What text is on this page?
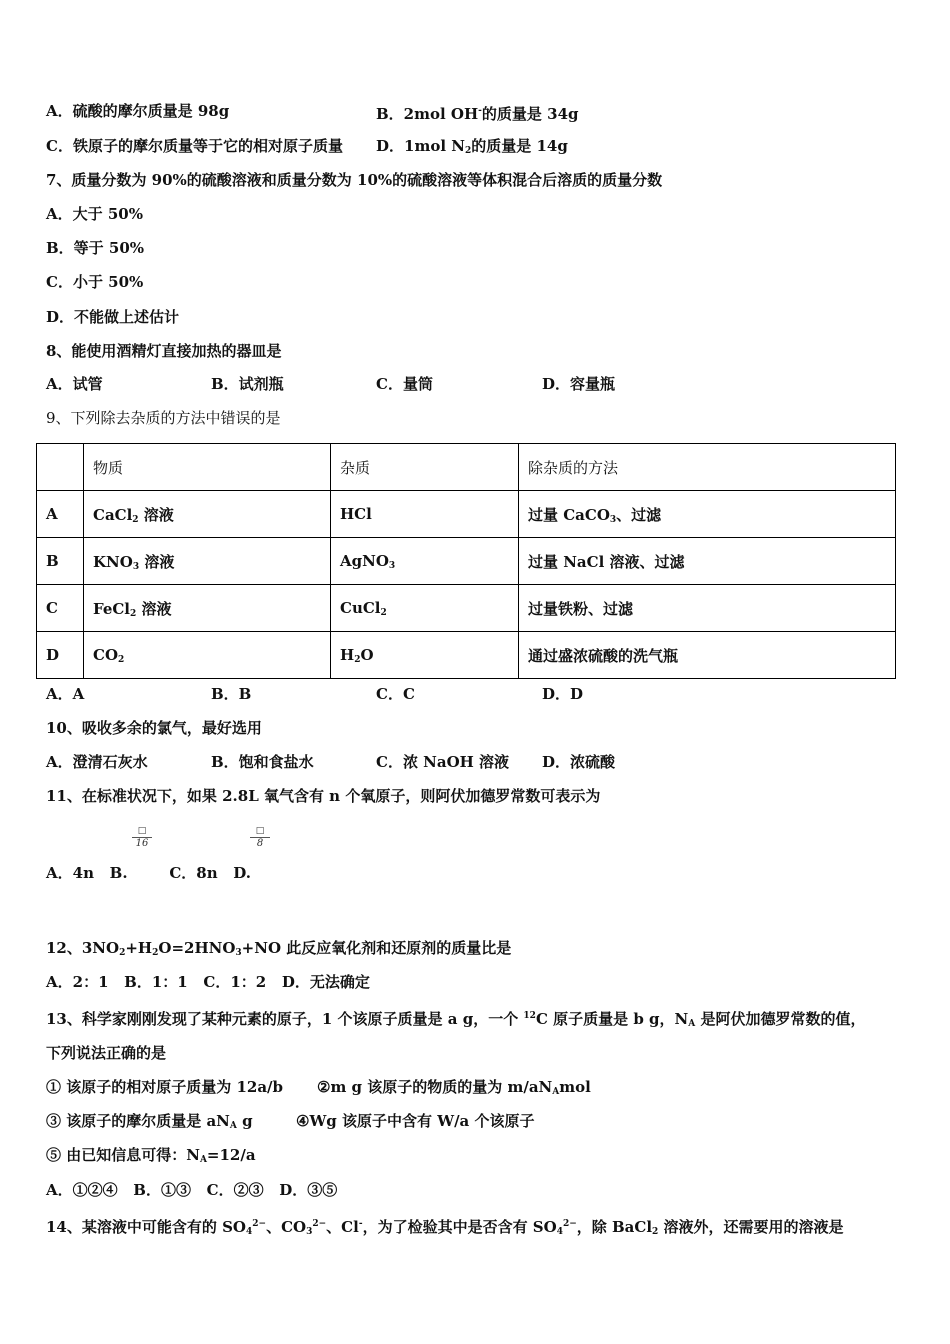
A．硫酸的摩尔质量是 98g	B．2mol OH-的质量是 34g
C．铁原子的摩尔质量等于它的相对原子质量 D．1mol $N_2$的质量是 14g
7、质量分数为 90%的硫酸溶液和质量分数为 10%的硫酸溶液等体积混合后溶质的质量分数
A．大于 50%
B．等于 50%
C．小于 50%
D．不能做上述估计
8、能使用酒精灯直接加热的器皿是
A．试管	B．试剂瓶	C．量筒	D．容量瓶
9、下列除去杂质的方法中错误的是
	物质	杂质	除杂质的方法
A	CaCl$_2$ 溶液	HCl	过量 CaCO$_3$、过滤
B	$KNO_3$ 溶液	AgNO$_3$	过量 NaCl 溶液、过滤
C	FeCl$_2$ 溶液	CuCl$_2$	过量铁粉、过滤
D	$CO_2$	$H_2O$	通过盛浓硫酸的洗气瓶
A．A	B．B	C．C	D．D
10、吸收多余的氯气，最好选用
A．澄清石灰水	B．饱和食盐水	C．浓 NaOH 溶液 D．浓硫酸
11、在标准状况下，如果 2.8L 氧气含有 n 个氧原子，则阿伏加德罗常数可表示为
□
16
□
8
A．4n   B.        C．8n   D.
12、$3NO_2+H_2O=2HNO_3+NO$ 此反应氧化剂和还原剂的质量比是
A．2：1   B．1：1   C．1：2   D．无法确定
13、科学家刚刚发现了某种元素的原子，1 个该原子质量是 a g，一个 $^{12}$C 原子质量是 b g，$N_A$ 是阿伏加德罗常数的值，
下列说法正确的是
① 该原子的相对原子质量为 12a/b ②m g 该原子的物质的量为 $m/aN_Amol$
③ 该原子的摩尔质量是 $aN_A$ g	④Wg 该原子中含有 W/a 个该原子
⑤ 由已知信息可得：$N_A=12/a$
A．①②④   B．①③   C．②③   D．③⑤
14、某溶液中可能含有的 $SO_4^{2-}$、$CO_3^{2-}$、Cl-，为了检验其中是否含有 $SO_4^{2-}$，除 BaCl$_2$ 溶液外，还需要用的溶液是
